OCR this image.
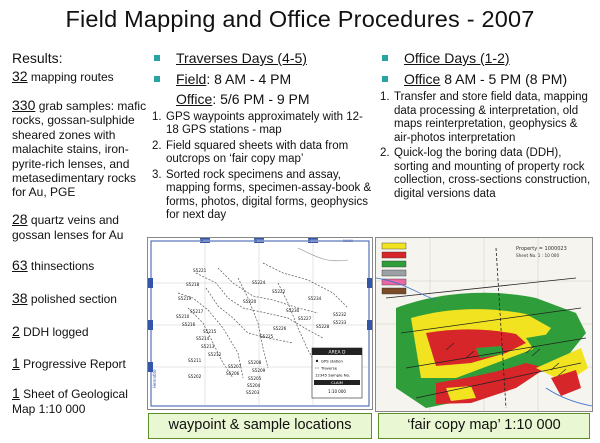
Field Mapping and Office Procedures - 2007
Results:
32 mapping routes
330 grab samples: mafic rocks, gossan-sulphide sheared zones with malachite stains, iron-pyrite-rich lenses, and metasedimentary rocks for Au, PGE
28 quartz veins and gossan lenses for Au
63 thinsections
38 polished section
2 DDH logged
1 Progressive Report
1 Sheet of Geological Map 1:10 000
Traverses Days (4-5)
Field: 8 AM - 4 PM
Office: 5/6 PM - 9 PM
1. GPS waypoints approximately with 12-18 GPS stations - map
2. Field squared sheets with data from outcrops on ‘fair copy map’
3. Sorted rock specimens and assay, mapping forms, specimen-assay-book & forms, photos, digital forms, geophysics for next day
Office Days (1-2)
Office 8 AM - 5 PM (8 PM)
1. Transfer and store field data, mapping data processing & interpretation, old maps reinterpretation, geophysics & air-photos interpretation
2. Quick-log the boring data (DDH), sorting and mounting of property rock collection, cross-sections construction, digital versions data
S5221
S5224
S5222
S5218
S5220
S5234
S5219
S5217	S5230
S5232
S5216
S5215
S5214
S5213
S5228
S5212
S5233
S5211
S5210	S5227
S5226
S5225
S5208
S5209
S5207
S5206
S5205
S5204
S5203
S5202
AREA D
GPS station
Traverse
12345 Sample No.
CLAIM
1:10 000
Hematite
12000	13000	14000	15000
Property = 1000023
Sheet No. 1 : 10 000
waypoint & sample locations	‘fair copy map’ 1:10 000
